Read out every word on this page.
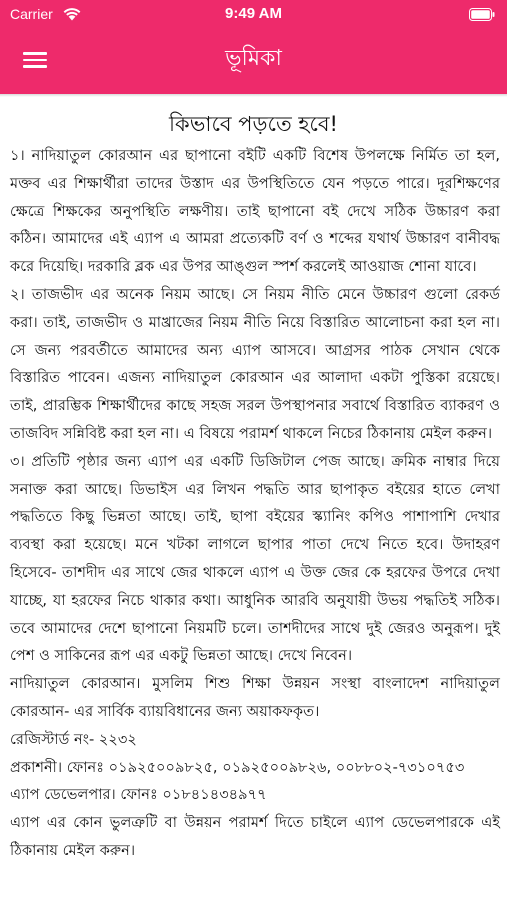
Carrier	9:49 AM
ভূমিকা
কিভাবে পড়তে হবে!

১। নাদিয়াতুল কোরআন এর ছাপানো বইটি একটি বিশেষ উপলক্ষে নির্মিত তা হল, মক্তব এর শিক্ষার্থীরা তাদের উস্তাদ এর উপস্থিতিতে যেন পড়তে পারে। দূরশিক্ষণের ক্ষেত্রে শিক্ষকের অনুপস্থিতি লক্ষণীয়। তাই ছাপানো বই দেখে সঠিক উচ্চারণ করা কঠিন। আমাদের এই এ্যাপ এ আমরা প্রত্যেকটি বর্ণ ও শব্দের যথার্থ উচ্চারণ বানীবদ্ধ করে দিয়েছি। দরকারি ব্লক এর উপর আঙ্গুল স্পর্শ করলেই আওয়াজ শোনা যাবে।

২। তাজভীদ এর অনেক নিয়ম আছে। সে নিয়ম নীতি মেনে উচ্চারণ গুলো রেকর্ড করা। তাই, তাজভীদ ও মাখ্রাজের নিয়ম নীতি নিয়ে বিস্তারিত আলোচনা করা হল না। সে জন্য পরবর্তীতে আমাদের অন্য এ্যাপ আসবে। আগ্রসর পাঠক সেখান থেকে বিস্তারিত পাবেন। এজন্য নাদিয়াতুল কোরআন এর আলাদা একটা পুস্তিকা রয়েছে। তাই, প্রারম্ভিক শিক্ষার্থীদের কাছে সহজ সরল উপস্থাপনার সবার্থে বিস্তারিত ব্যাকরণ ও তাজবিদ সন্নিবিষ্ট করা হল না। এ বিষয়ে পরামর্শ থাকলে নিচের ঠিকানায় মেইল করুন।

৩। প্রতিটি পৃষ্ঠার জন্য এ্যাপ এর একটি ডিজিটাল পেজ আছে। ক্রমিক নাম্বার দিয়ে সনাক্ত করা আছে। ডিভাইস এর লিখন পদ্ধতি আর ছাপাকৃত বইয়ের হাতে লেখা পদ্ধতিতে কিছু ভিন্নতা আছে। তাই, ছাপা বইয়ের স্ক্যানিং কপিও পাশাপাশি দেখার ব্যবস্থা করা হয়েছে। মনে খটকা লাগলে ছাপার পাতা দেখে নিতে হবে। উদাহরণ হিসেবে- তাশদীদ এর সাথে জের থাকলে এ্যাপ এ উক্ত জের কে হরফের উপরে দেখা যাচ্ছে, যা হরফের নিচে থাকার কথা। আধুনিক আরবি অনুযায়ী উভয় পদ্ধতিই সঠিক। তবে আমাদের দেশে ছাপানো নিয়মটি চলে। তাশদীদের সাথে দুই জেরও অনুরূপ। দুই পেশ ও সাকিনের রূপ এর একটু ভিন্নতা আছে। দেখে নিবেন।

নাদিয়াতুল কোরআন। মুসলিম শিশু শিক্ষা উন্নয়ন সংস্থা বাংলাদেশ নাদিয়াতুল কোরআন- এর সার্বিক ব্যায়বিধানের জন্য অয়াকফকৃত।

রেজিস্টার্ড নং- ২২৩২

প্রকাশনী। ফোনঃ ০১৯২৫০০৯৮২৫, ০১৯২৫০০৯৮২৬, ০০৮৮০২-৭৩১০৭৫৩

এ্যাপ ডেভেলপার। ফোনঃ ০১৮৪১৪৩৪৯৭৭

এ্যাপ এর কোন ভুলত্রুটি বা উন্নয়ন পরামর্শ দিতে চাইলে এ্যাপ ডেভেলপারকে এই ঠিকানায় মেইল করুন।
